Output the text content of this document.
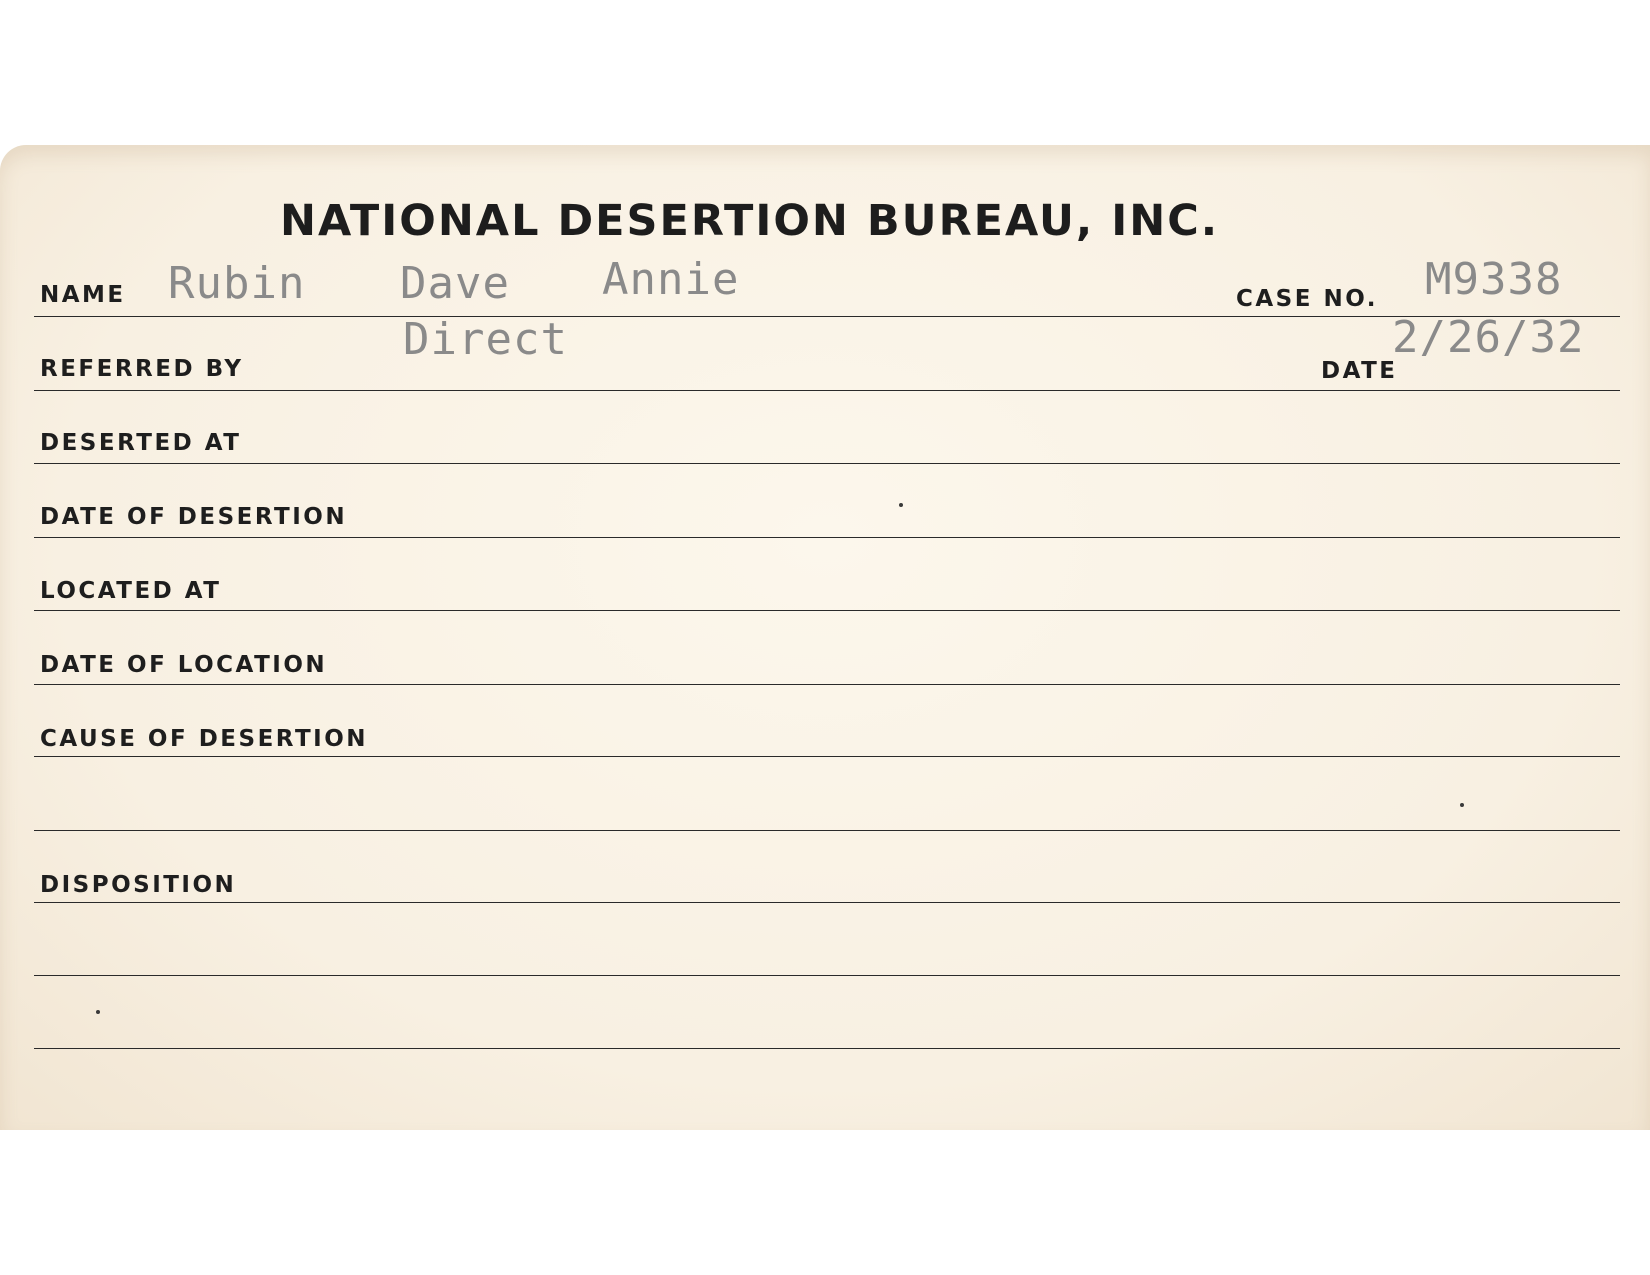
NATIONAL DESERTION BUREAU, INC.
NAME Rubin Dave Annie	CASE NO. M9338
Direct
REFERRED BY	DATE
2/26/32
DESERTED AT
DATE OF DESERTION
LOCATED AT
DATE OF LOCATION
CAUSE OF DESERTION
DISPOSITION
